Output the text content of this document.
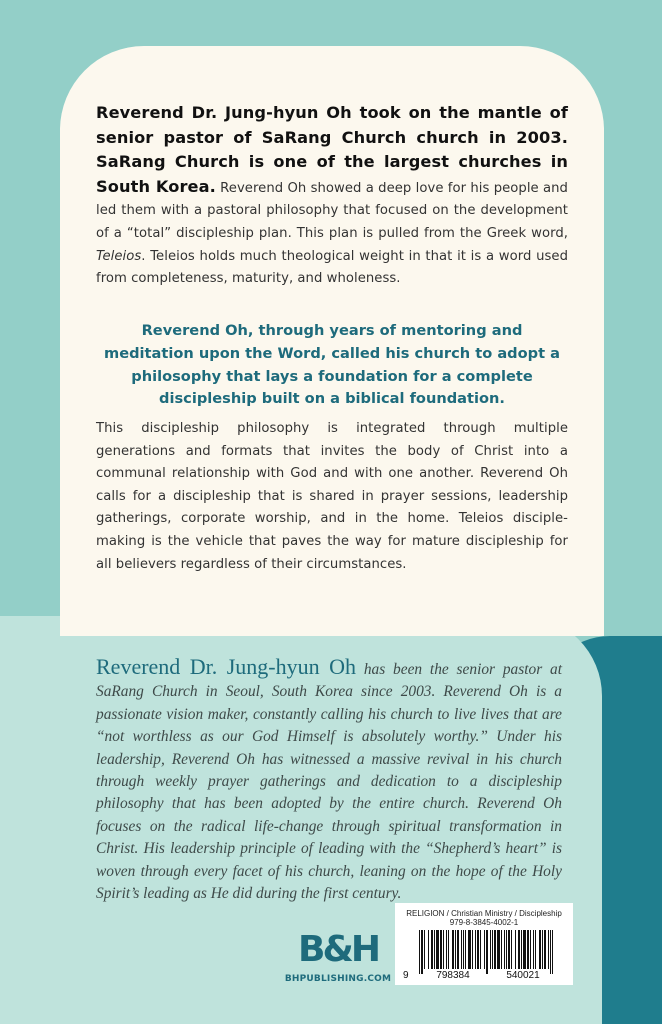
Reverend Dr. Jung-hyun Oh took on the mantle of senior pastor of SaRang Church church in 2003. SaRang Church is one of the largest churches in South Korea. Reverend Oh showed a deep love for his people and led them with a pastoral philosophy that focused on the development of a “total” discipleship plan. This plan is pulled from the Greek word, Teleios. Teleios holds much theological weight in that it is a word used from completeness, maturity, and wholeness.

Reverend Oh, through years of mentoring and meditation upon the Word, called his church to adopt a philosophy that lays a foundation for a complete discipleship built on a biblical foundation.

This discipleship philosophy is integrated through multiple generations and formats that invites the body of Christ into a communal relationship with God and with one another. Reverend Oh calls for a discipleship that is shared in prayer sessions, leadership gatherings, corporate worship, and in the home. Teleios disciple-making is the vehicle that paves the way for mature discipleship for all believers regardless of their circumstances.

Reverend Dr. Jung-hyun Oh has been the senior pastor at SaRang Church in Seoul, South Korea since 2003. Reverend Oh is a passionate vision maker, constantly calling his church to live lives that are “not worthless as our God Himself is absolutely worthy.” Under his leadership, Reverend Oh has witnessed a massive revival in his church through weekly prayer gatherings and dedication to a discipleship philosophy that has been adopted by the entire church. Reverend Oh focuses on the radical life-change through spiritual transformation in Christ. His leadership principle of leading with the “Shepherd’s heart” is woven through every facet of his church, leaning on the hope of the Holy Spirit’s leading as He did during the first century.

B&H
BHPUBLISHING.COM
RELIGION / Christian Ministry / Discipleship
979-8-3845-4002-1
9	798384	540021
